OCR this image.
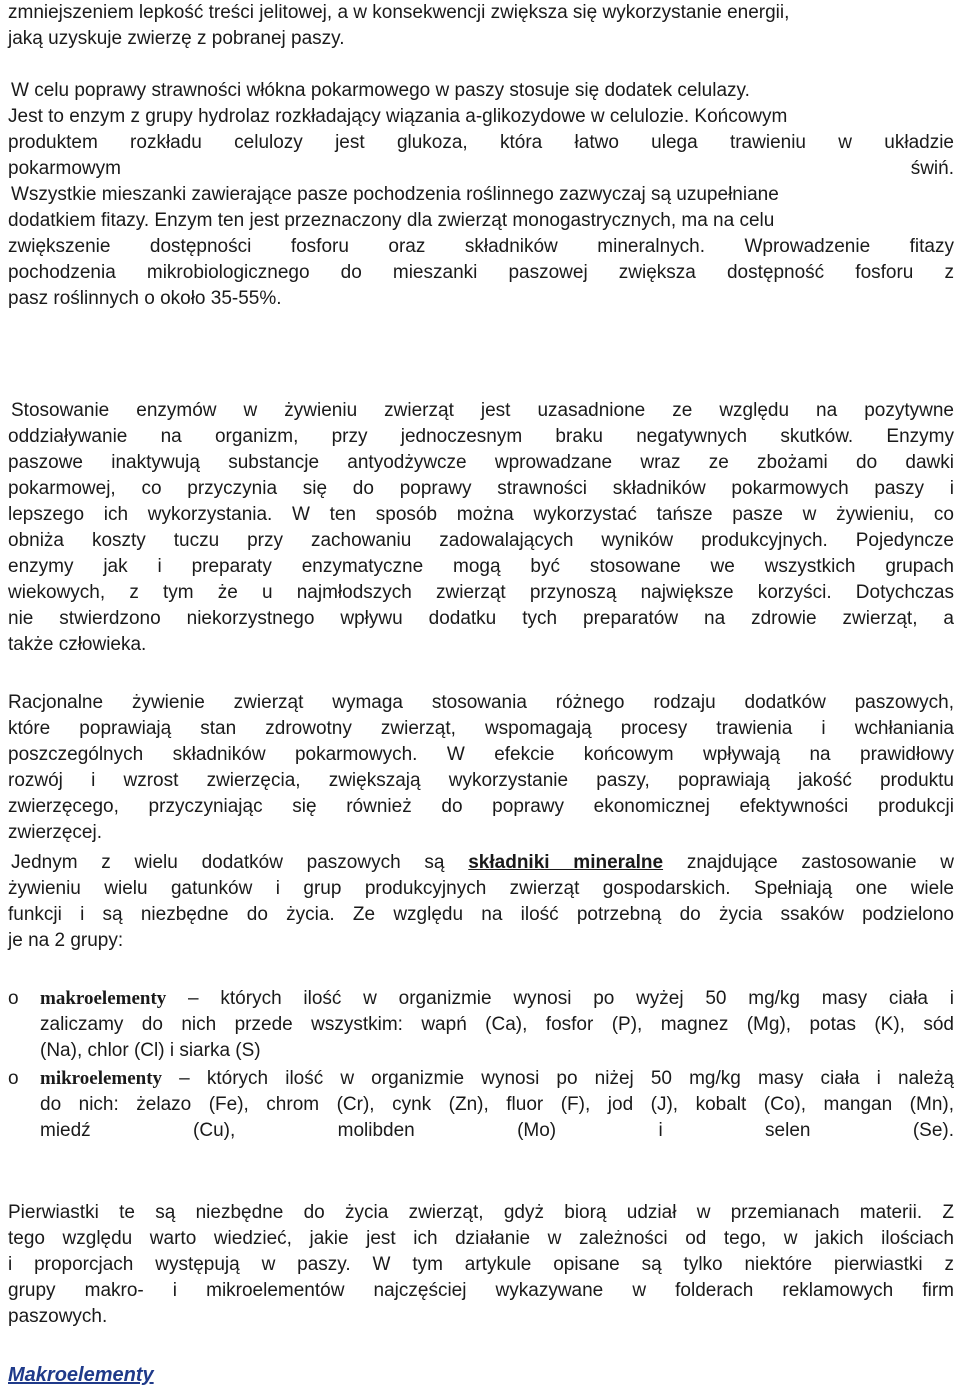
zmniejszeniem lepkość treści jelitowej, a w konsekwencji zwiększa się wykorzystanie energii,
jaką uzyskuje zwierzę z pobranej paszy.
W celu poprawy strawności włókna pokarmowego w paszy stosuje się dodatek celulazy.
Jest to enzym z grupy hydrolaz rozkładający wiązania a-glikozydowe w celulozie. Końcowym
produktem rozkładu celulozy jest glukoza, która łatwo ulega trawieniu w układzie
pokarmowym świń.
Wszystkie mieszanki zawierające pasze pochodzenia roślinnego zazwyczaj są uzupełniane
dodatkiem fitazy. Enzym ten jest przeznaczony dla zwierząt monogastrycznych, ma na celu
zwiększenie dostępności fosforu oraz składników mineralnych. Wprowadzenie fitazy
pochodzenia mikrobiologicznego do mieszanki paszowej zwiększa dostępność fosforu z
pasz roślinnych o około 35-55%.
Stosowanie enzymów w żywieniu zwierząt jest uzasadnione ze względu na pozytywne
oddziaływanie na organizm, przy jednoczesnym braku negatywnych skutków. Enzymy
paszowe inaktywują substancje antyodżywcze wprowadzane wraz ze zbożami do dawki
pokarmowej, co przyczynia się do poprawy strawności składników pokarmowych paszy i
lepszego ich wykorzystania. W ten sposób można wykorzystać tańsze pasze w żywieniu, co
obniża koszty tuczu przy zachowaniu zadowalających wyników produkcyjnych. Pojedyncze
enzymy jak i preparaty enzymatyczne mogą być stosowane we wszystkich grupach
wiekowych, z tym że u najmłodszych zwierząt przynoszą największe korzyści. Dotychczas
nie stwierdzono niekorzystnego wpływu dodatku tych preparatów na zdrowie zwierząt, a
także człowieka.
Racjonalne żywienie zwierząt wymaga stosowania różnego rodzaju dodatków paszowych,
które poprawiają stan zdrowotny zwierząt, wspomagają procesy trawienia i wchłaniania
poszczególnych składników pokarmowych. W efekcie końcowym wpływają na prawidłowy
rozwój i wzrost zwierzęcia, zwiększają wykorzystanie paszy, poprawiają jakość produktu
zwierzęcego, przyczyniając się również do poprawy ekonomicznej efektywności produkcji
zwierzęcej.
Jednym z wielu dodatków paszowych są składniki mineralne znajdujące zastosowanie w
żywieniu wielu gatunków i grup produkcyjnych zwierząt gospodarskich. Spełniają one wiele
funkcji i są niezbędne do życia. Ze względu na ilość potrzebną do życia ssaków podzielono
je na 2 grupy:
o	makroelementy – których ilość w organizmie wynosi po wyżej 50 mg/kg masy ciała i
zaliczamy do nich przede wszystkim: wapń (Ca), fosfor (P), magnez (Mg), potas (K), sód
(Na), chlor (Cl) i siarka (S)
o	mikroelementy – których ilość w organizmie wynosi po niżej 50 mg/kg masy ciała i należą
do nich: żelazo (Fe), chrom (Cr), cynk (Zn), fluor (F), jod (J), kobalt (Co), mangan (Mn),
miedź (Cu), molibden (Mo) i selen (Se).
Pierwiastki te są niezbędne do życia zwierząt, gdyż biorą udział w przemianach materii. Z
tego względu warto wiedzieć, jakie jest ich działanie w zależności od tego, w jakich ilościach
i proporcjach występują w paszy. W tym artykule opisane są tylko niektóre pierwiastki z
grupy makro- i mikroelementów najczęściej wykazywane w folderach reklamowych firm
paszowych.
Makroelementy
